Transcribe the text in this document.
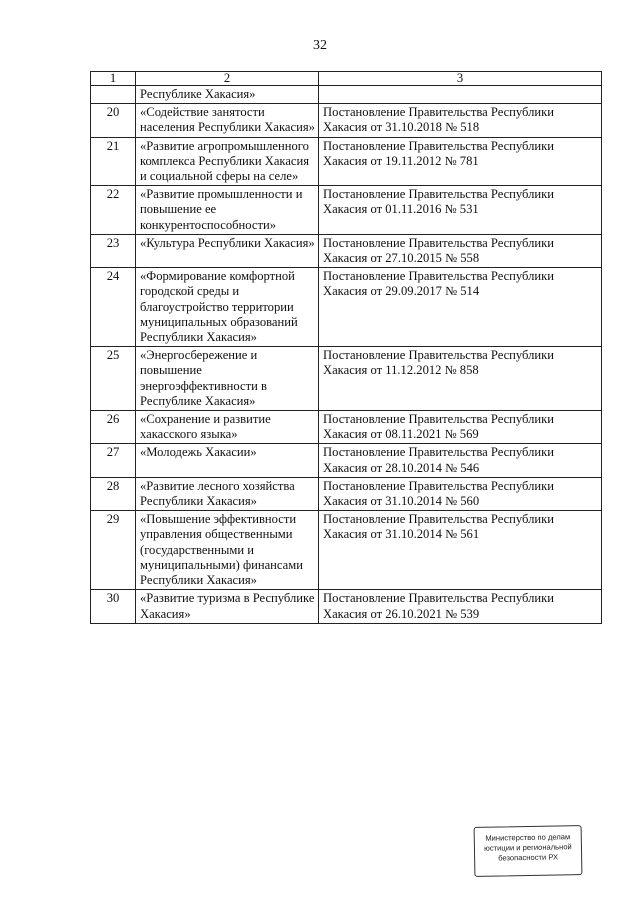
32
1	2	3
	Республике Хакасия»	
20	«Содействие занятости населения Республики Хакасия»	Постановление Правительства Республики Хакасия от 31.10.2018 № 518
21	«Развитие агропромышленного комплекса Республики Хакасия и социальной сферы на селе»	Постановление Правительства Республики Хакасия от 19.11.2012 № 781
22	«Развитие промышленности и повышение ее конкурентоспособности»	Постановление Правительства Республики Хакасия от 01.11.2016 № 531
23	«Культура Республики Хакасия»	Постановление Правительства Республики Хакасия от 27.10.2015 № 558
24	«Формирование комфортной городской среды и благоустройство территории муниципальных образований Республики Хакасия»	Постановление Правительства Республики Хакасия от 29.09.2017 № 514
25	«Энергосбережение и повышение энергоэффективности в Республике Хакасия»	Постановление Правительства Республики Хакасия от 11.12.2012 № 858
26	«Сохранение и развитие хакасского языка»	Постановление Правительства Республики Хакасия от 08.11.2021 № 569
27	«Молодежь Хакасии»	Постановление Правительства Республики Хакасия от 28.10.2014 № 546
28	«Развитие лесного хозяйства Республики Хакасия»	Постановление Правительства Республики Хакасия от 31.10.2014 № 560
29	«Повышение эффективности управления общественными (государственными и муниципальными) финансами Республики Хакасия»	Постановление Правительства Республики Хакасия от 31.10.2014 № 561
30	«Развитие туризма в Республике Хакасия»	Постановление Правительства Республики Хакасия от 26.10.2021 № 539
Министерство по делам
юстиции и региональной
безопасности РХ
